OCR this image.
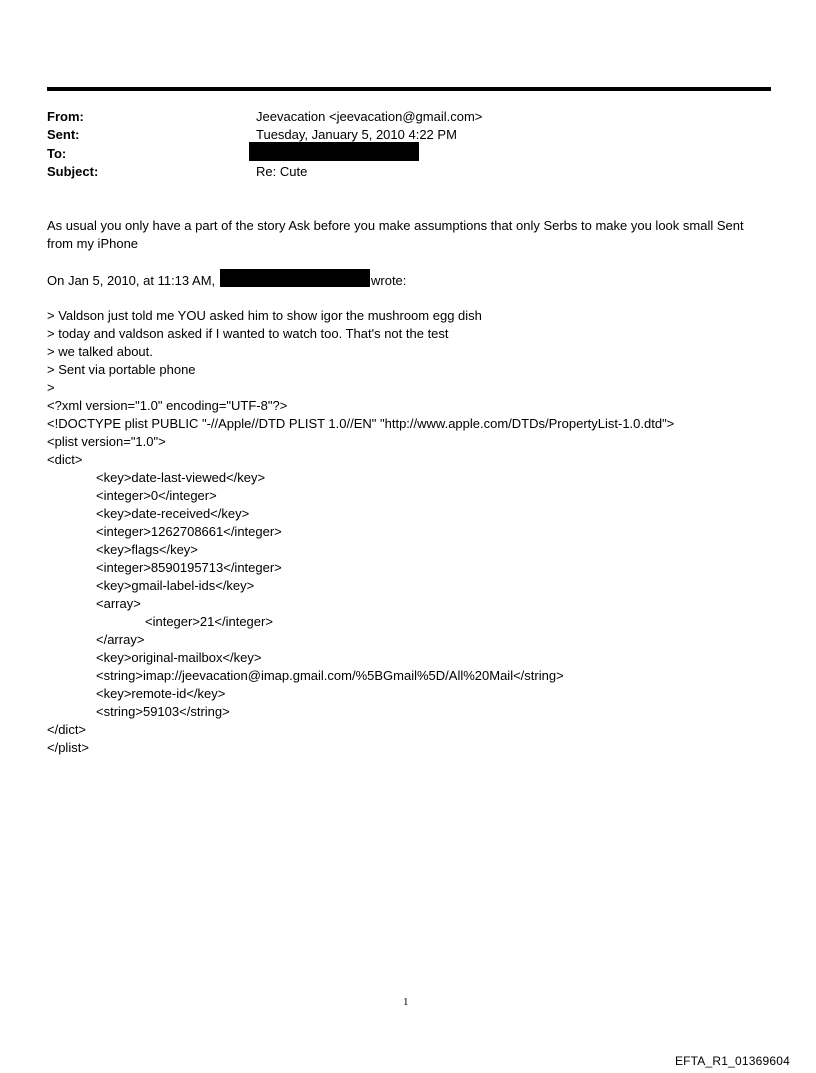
From:	Jeevacation <jeevacation@gmail.com>
Sent:	Tuesday, January 5, 2010 4:22 PM
To:
Subject:	Re: Cute
As usual you only have a part of the story Ask before you make assumptions that only Serbs to make you look small Sent from my iPhone
On Jan 5, 2010, at 11:13 AM,	wrote:
> Valdson just told me YOU asked him to show igor the mushroom egg dish
> today and valdson asked if I wanted to watch too. That's not the test
> we talked about.
> Sent via portable phone
>
<?xml version="1.0" encoding="UTF-8"?>
<!DOCTYPE plist PUBLIC "-//Apple//DTD PLIST 1.0//EN" "http://www.apple.com/DTDs/PropertyList-1.0.dtd">
<plist version="1.0">
<dict>
<key>date-last-viewed</key>
<integer>0</integer>
<key>date-received</key>
<integer>1262708661</integer>
<key>flags</key>
<integer>8590195713</integer>
<key>gmail-label-ids</key>
<array>
<integer>21</integer>
</array>
<key>original-mailbox</key>
<string>imap://jeevacation@imap.gmail.com/%5BGmail%5D/All%20Mail</string>
<key>remote-id</key>
<string>59103</string>
</dict>
</plist>
1
EFTA_R1_01369604
